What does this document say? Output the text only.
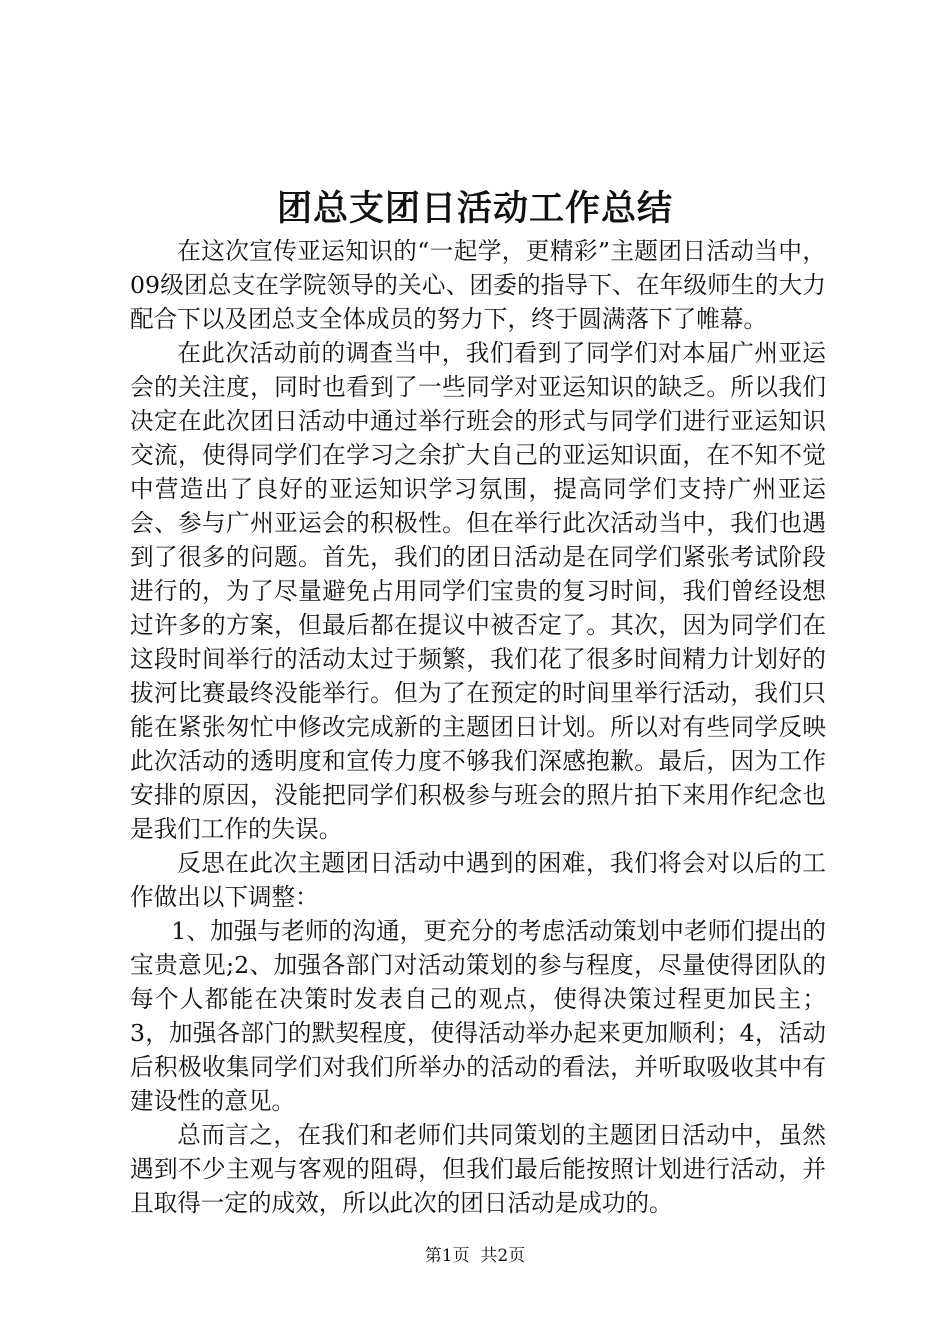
团总支团日活动工作总结

在这次宣传亚运知识的“一起学，更精彩”主题团日活动当中，09级团总支在学院领导的关心、团委的指导下、在年级师生的大力配合下以及团总支全体成员的努力下，终于圆满落下了帷幕。

在此次活动前的调查当中，我们看到了同学们对本届广州亚运会的关注度，同时也看到了一些同学对亚运知识的缺乏。所以我们决定在此次团日活动中通过举行班会的形式与同学们进行亚运知识交流，使得同学们在学习之余扩大自己的亚运知识面，在不知不觉中营造出了良好的亚运知识学习氛围，提高同学们支持广州亚运会、参与广州亚运会的积极性。但在举行此次活动当中，我们也遇到了很多的问题。首先，我们的团日活动是在同学们紧张考试阶段进行的，为了尽量避免占用同学们宝贵的复习时间，我们曾经设想过许多的方案，但最后都在提议中被否定了。其次，因为同学们在这段时间举行的活动太过于频繁，我们花了很多时间精力计划好的拔河比赛最终没能举行。但为了在预定的时间里举行活动，我们只能在紧张匆忙中修改完成新的主题团日计划。所以对有些同学反映此次活动的透明度和宣传力度不够我们深感抱歉。最后，因为工作安排的原因，没能把同学们积极参与班会的照片拍下来用作纪念也是我们工作的失误。

反思在此次主题团日活动中遇到的困难，我们将会对以后的工作做出以下调整：

1、加强与老师的沟通，更充分的考虑活动策划中老师们提出的宝贵意见;2、加强各部门对活动策划的参与程度，尽量使得团队的每个人都能在决策时发表自己的观点，使得决策过程更加民主；3，加强各部门的默契程度，使得活动举办起来更加顺利；4，活动后积极收集同学们对我们所举办的活动的看法，并听取吸收其中有建设性的意见。

总而言之，在我们和老师们共同策划的主题团日活动中，虽然遇到不少主观与客观的阻碍，但我们最后能按照计划进行活动，并且取得一定的成效，所以此次的团日活动是成功的。

第1页 共2页
